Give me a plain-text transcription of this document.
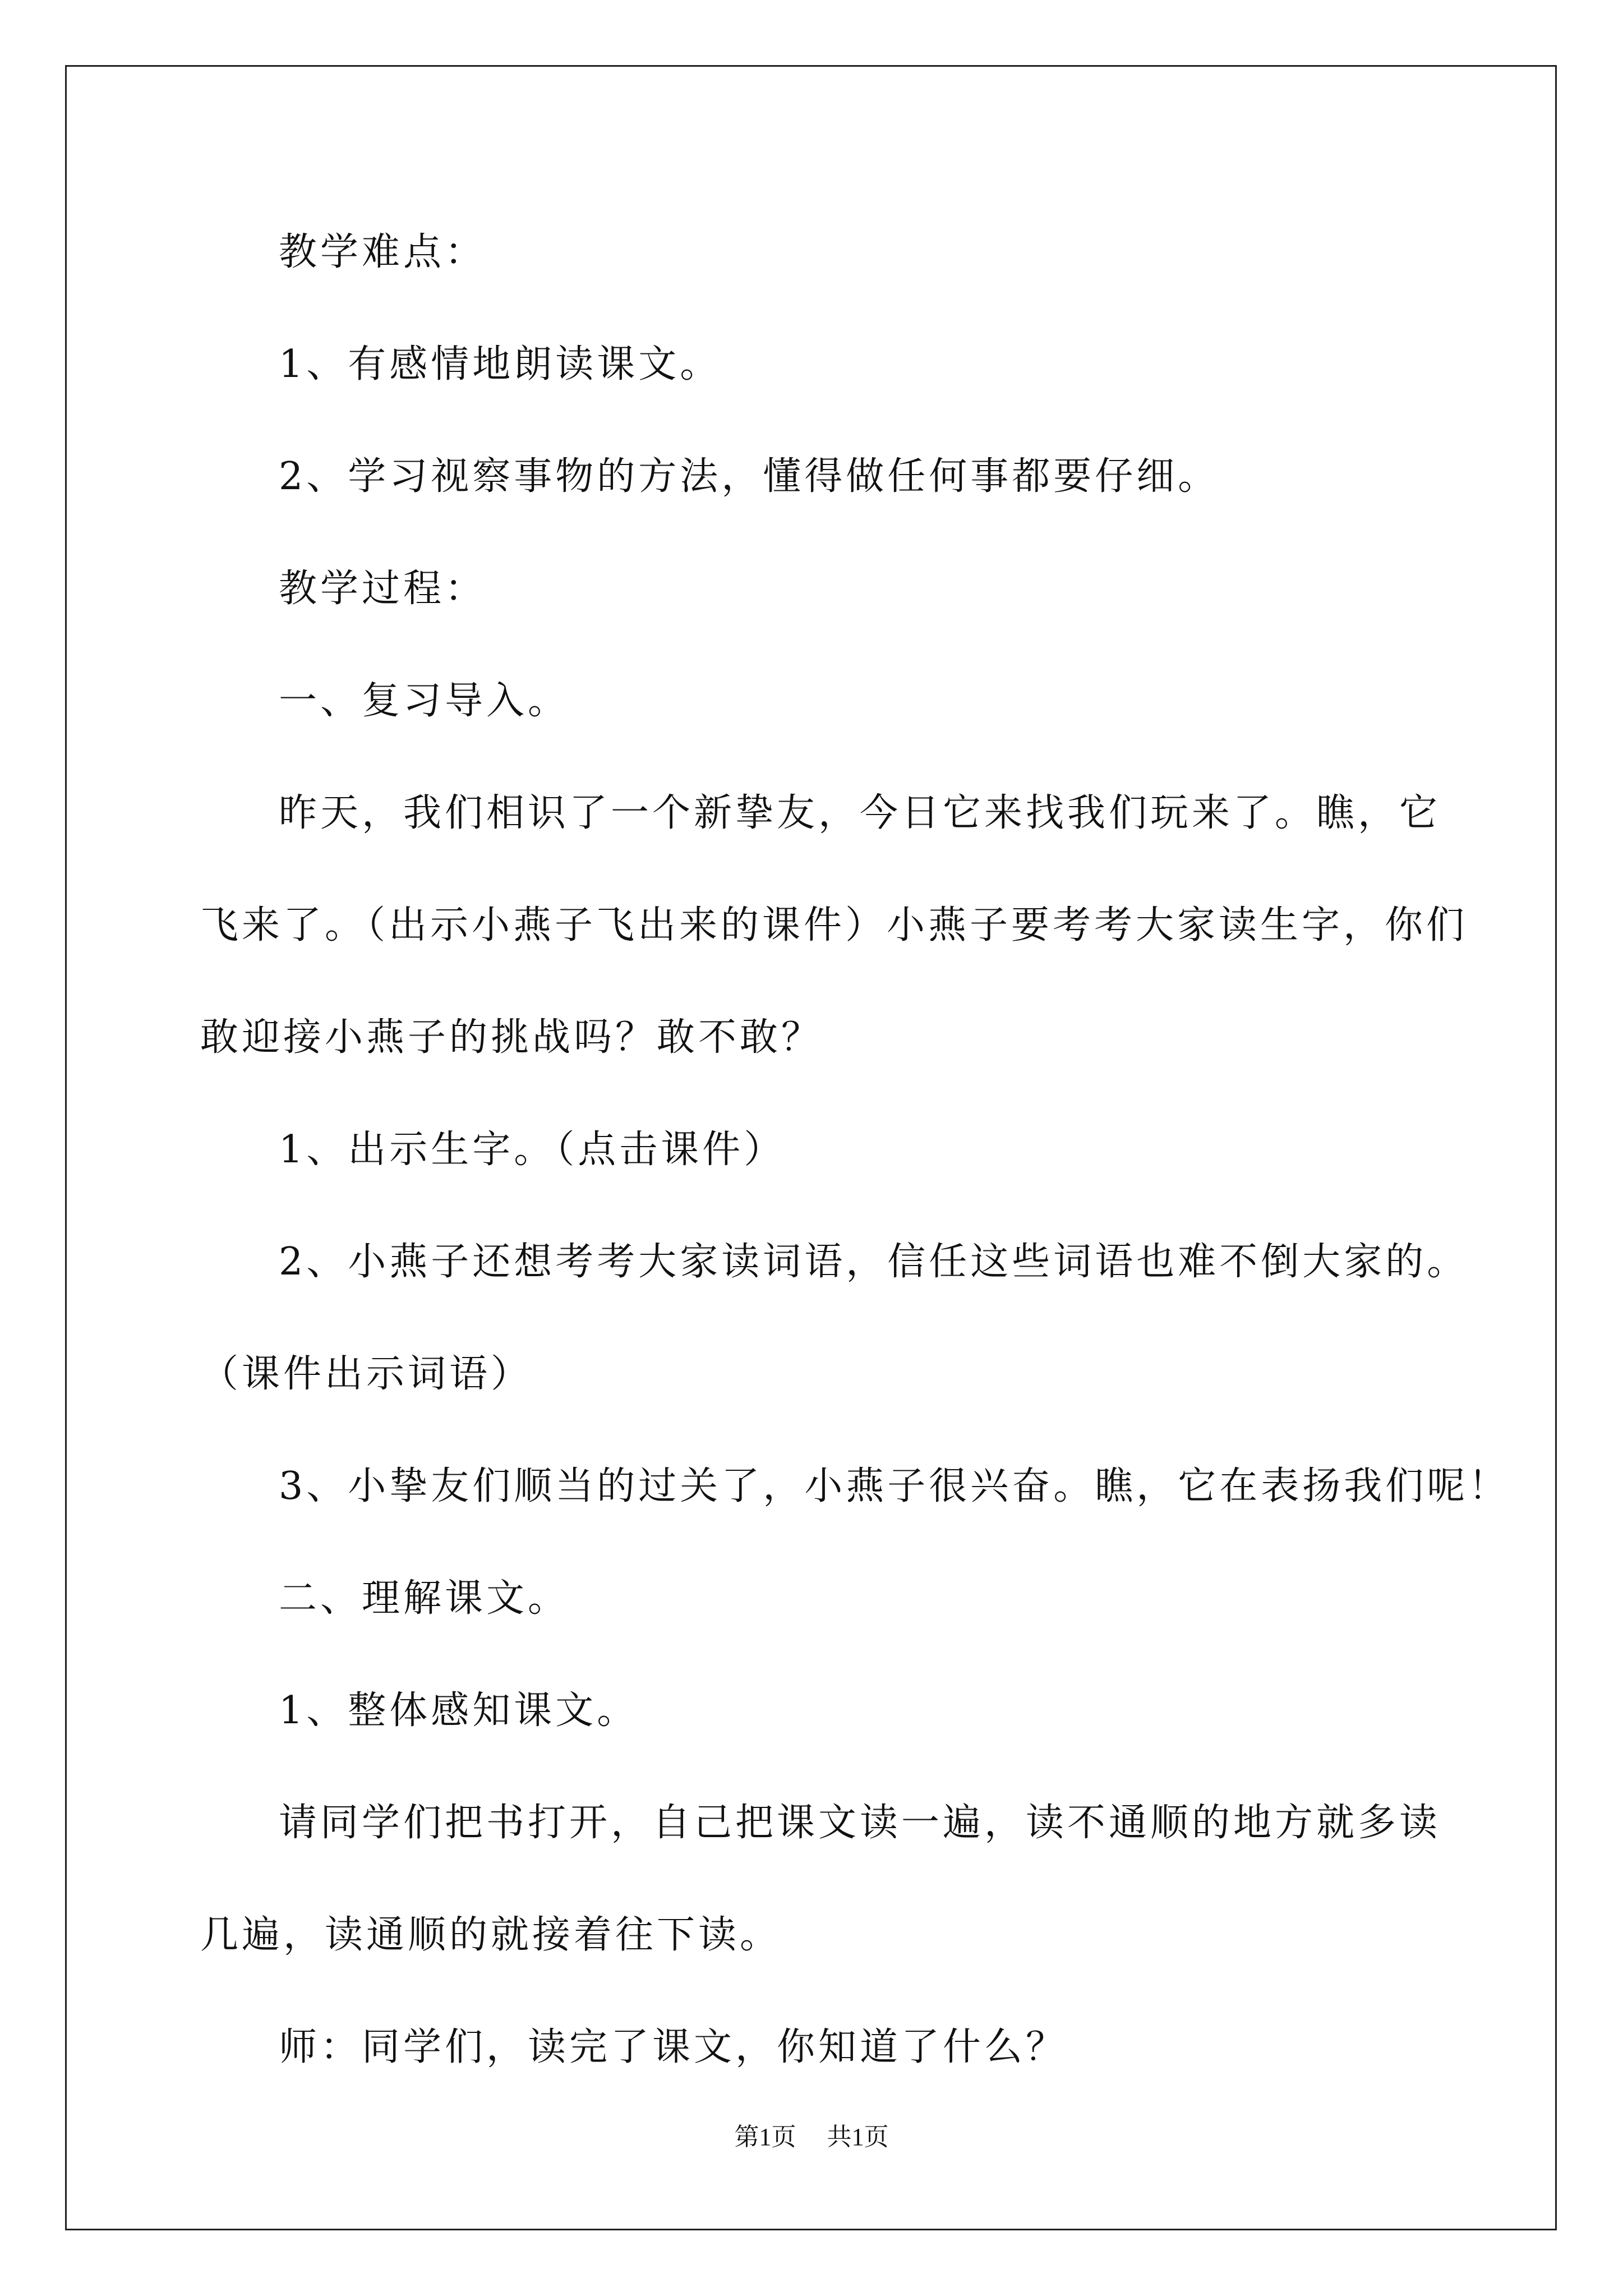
教学难点：
1、有感情地朗读课文。
2、学习视察事物的方法，懂得做任何事都要仔细。
教学过程：
一、复习导入。
昨天，我们相识了一个新挚友，今日它来找我们玩来了。瞧，它
飞来了。（出示小燕子飞出来的课件）小燕子要考考大家读生字，你们
敢迎接小燕子的挑战吗？敢不敢？
1、出示生字。（点击课件）
2、小燕子还想考考大家读词语，信任这些词语也难不倒大家的。
（课件出示词语）
3、小挚友们顺当的过关了，小燕子很兴奋。瞧，它在表扬我们呢！
二、理解课文。
1、整体感知课文。
请同学们把书打开，自己把课文读一遍，读不通顺的地方就多读
几遍，读通顺的就接着往下读。
师：同学们，读完了课文，你知道了什么？
第1页 共1页
